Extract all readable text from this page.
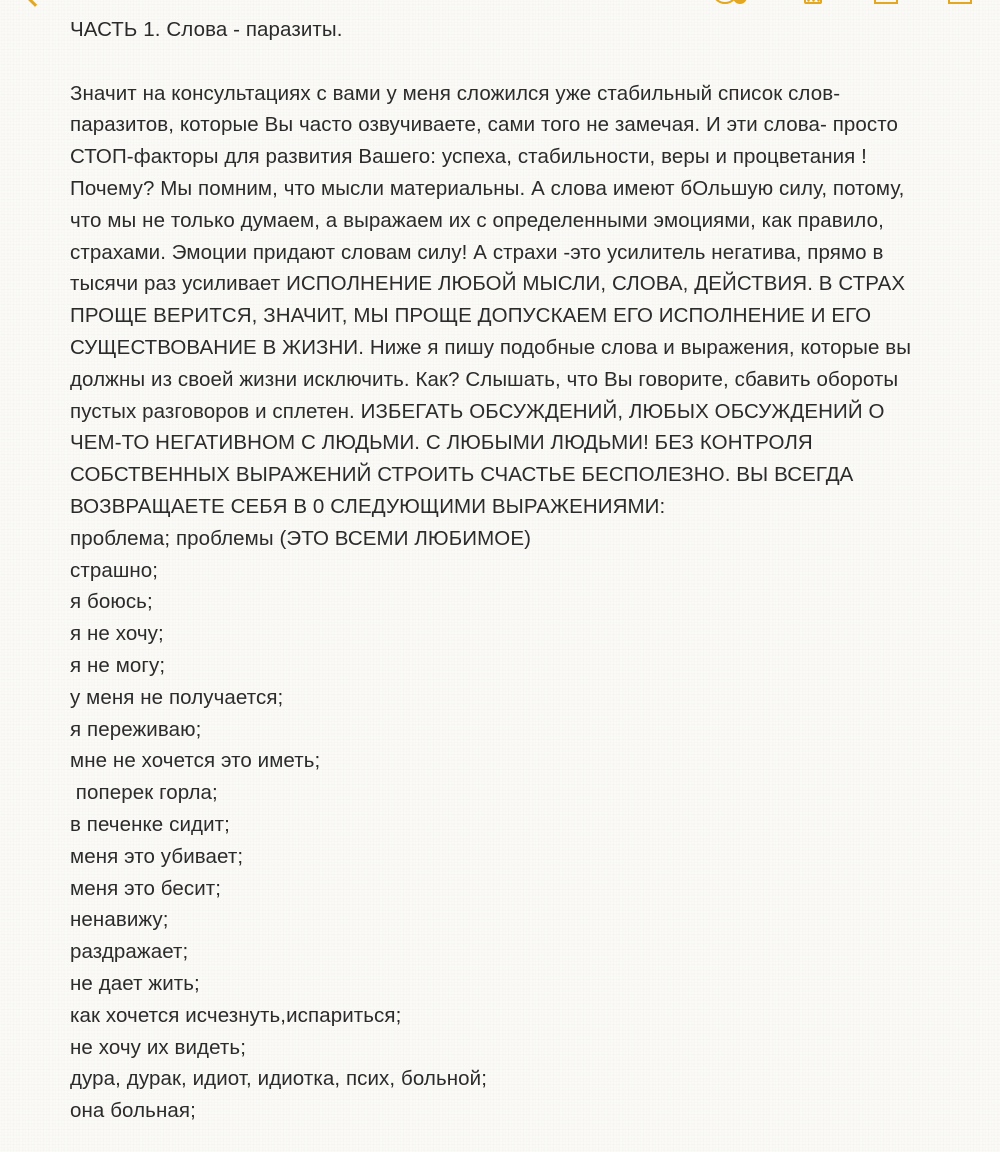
ЧАСТЬ 1. Слова - паразиты.

Значит на консультациях с вами у меня сложился уже стабильный список слов-паразитов, которые Вы часто озвучиваете, сами того не замечая. И эти слова- просто СТОП-факторы для развития Вашего: успеха, стабильности, веры и процветания ! Почему? Мы помним, что мысли материальны. А слова имеют бОльшую силу, потому, что мы не только думаем, а выражаем их с определенными эмоциями, как правило, страхами. Эмоции придают словам силу! А страхи -это усилитель негатива, прямо в тысячи раз усиливает ИСПОЛНЕНИЕ ЛЮБОЙ МЫСЛИ, СЛОВА, ДЕЙСТВИЯ. В СТРАХ ПРОЩЕ ВЕРИТСЯ, ЗНАЧИТ, МЫ ПРОЩЕ ДОПУСКАЕМ ЕГО ИСПОЛНЕНИЕ И ЕГО СУЩЕСТВОВАНИЕ В ЖИЗНИ. Ниже я пишу подобные слова и выражения, которые вы должны из своей жизни исключить. Как? Слышать, что Вы говорите, сбавить обороты пустых разговоров и сплетен. ИЗБЕГАТЬ ОБСУЖДЕНИЙ, ЛЮБЫХ ОБСУЖДЕНИЙ О ЧЕМ-ТО НЕГАТИВНОМ С ЛЮДЬМИ. С ЛЮБЫМИ ЛЮДЬМИ! БЕЗ КОНТРОЛЯ СОБСТВЕННЫХ ВЫРАЖЕНИЙ СТРОИТЬ СЧАСТЬЕ БЕСПОЛЕЗНО. ВЫ ВСЕГДА ВОЗВРАЩАЕТЕ СЕБЯ В 0 СЛЕДУЮЩИМИ ВЫРАЖЕНИЯМИ:

проблема; проблемы (ЭТО ВСЕМИ ЛЮБИМОЕ)

страшно;

я боюсь;

я не хочу;

я не могу;

у меня не получается;

я переживаю;

мне не хочется это иметь;

поперек горла;

в печенке сидит;

меня это убивает;

меня это бесит;

ненавижу;

раздражает;

не дает жить;

как хочется исчезнуть,испариться;

не хочу их видеть;

дура, дурак, идиот, идиотка, псих, больной;

она больная;
